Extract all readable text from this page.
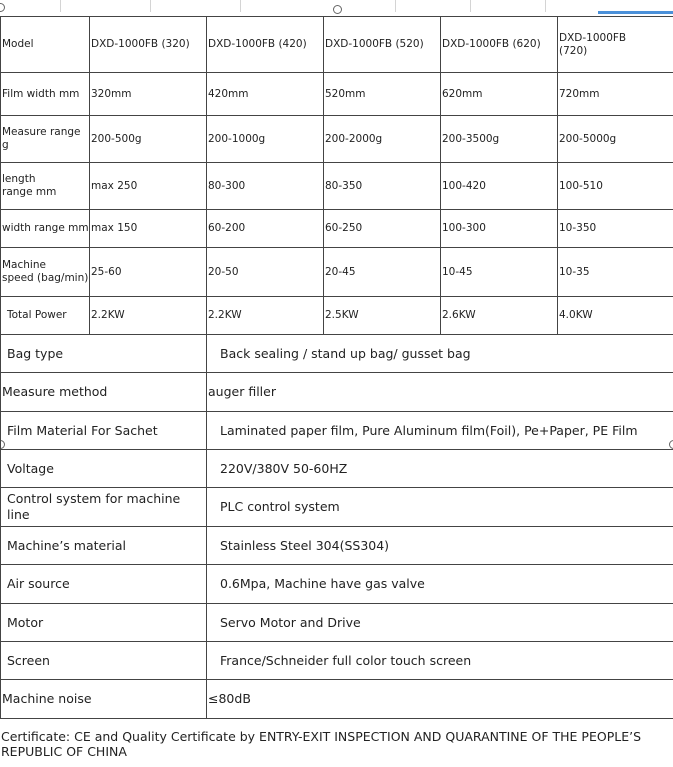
Model	DXD-1000FB (320)	DXD-1000FB (420)	DXD-1000FB (520)	DXD-1000FB (620)	DXD-1000FB
(720)
Film width mm	320mm	420mm	520mm	620mm	720mm
Measure range
g	200-500g	200-1000g	200-2000g	200-3500g	200-5000g
length
range mm	max 250	80-300	80-350	100-420	100-510
width range mm	max 150	60-200	60-250	100-300	10-350
Machine
speed (bag/min)	25-60	20-50	20-45	10-45	10-35
Total Power	2.2KW	2.2KW	2.5KW	2.6KW	4.0KW
Bag type		Back sealing / stand up bag/ gusset bag			
Measure method		auger filler			
Film Material For Sachet		Laminated paper film, Pure Aluminum film(Foil), Pe+Paper, PE Film			
Voltage		220V/380V 50-60HZ			
Control system for machine line		PLC control system			
Machine’s material		Stainless Steel 304(SS304)			
Air source		0.6Mpa, Machine have gas valve			
Motor		Servo Motor and Drive			
Screen		France/Schneider full color touch screen			
Machine noise		≤80dB			
Certificate: CE and Quality Certificate by ENTRY-EXIT INSPECTION AND QUARANTINE OF THE PEOPLE’S REPUBLIC OF CHINA
